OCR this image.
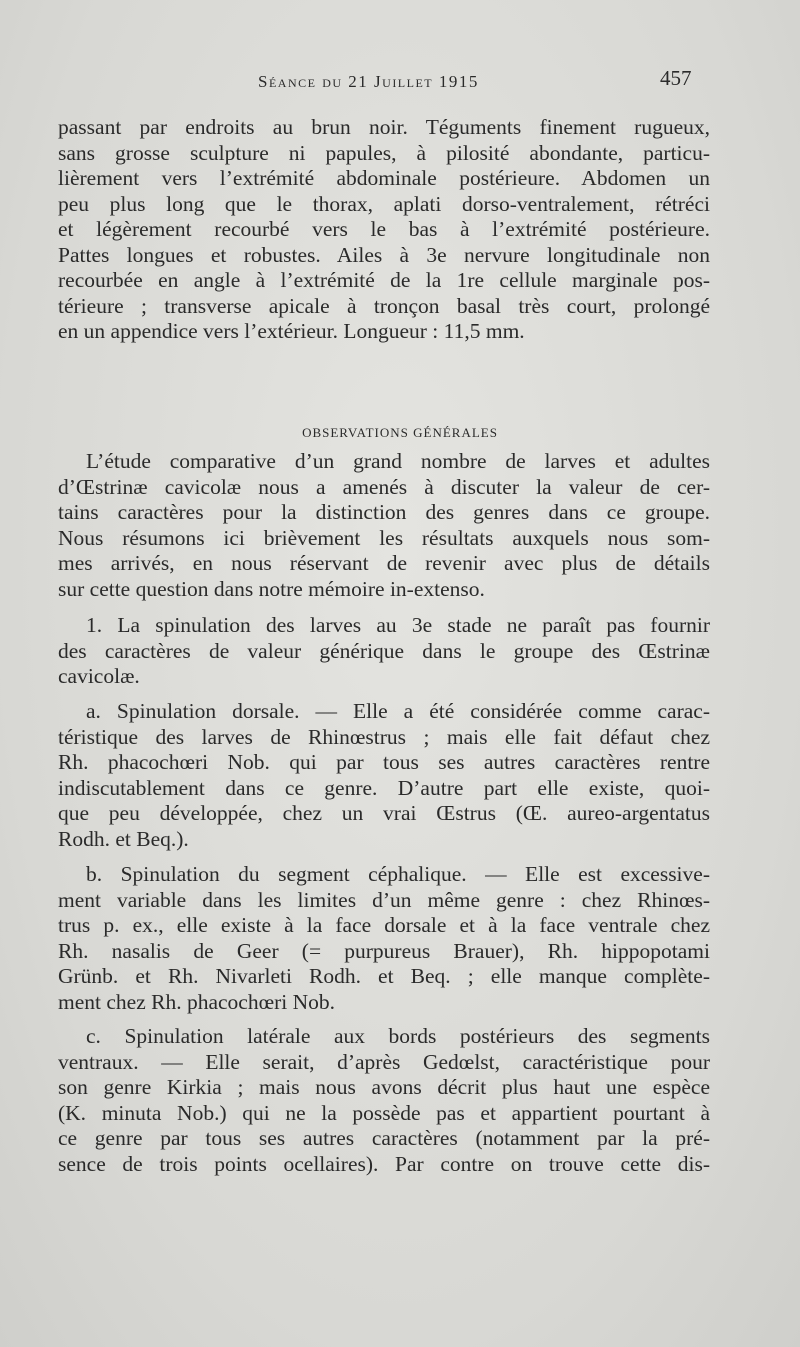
Séance du 21 Juillet 1915	457

passant par endroits au brun noir. Téguments finement rugueux,

sans grosse sculpture ni papules, à pilosité abondante, particu-

lièrement vers l’extrémité abdominale postérieure. Abdomen un

peu plus long que le thorax, aplati dorso-ventralement, rétréci

et légèrement recourbé vers le bas à l’extrémité postérieure.

Pattes longues et robustes. Ailes à 3e nervure longitudinale non

recourbée en angle à l’extrémité de la 1re cellule marginale pos-

térieure ; transverse apicale à tronçon basal très court, prolongé

en un appendice vers l’extérieur. Longueur : 11,5 mm.

OBSERVATIONS GÉNÉRALES

L’étude comparative d’un grand nombre de larves et adultes

d’Œstrinæ cavicolæ nous a amenés à discuter la valeur de cer-

tains caractères pour la distinction des genres dans ce groupe.

Nous résumons ici brièvement les résultats auxquels nous som-

mes arrivés, en nous réservant de revenir avec plus de détails

sur cette question dans notre mémoire in-extenso.

1. La spinulation des larves au 3e stade ne paraît pas fournir

des caractères de valeur générique dans le groupe des Œstrinæ

cavicolæ.

a. Spinulation dorsale. — Elle a été considérée comme carac-

téristique des larves de Rhinœstrus ; mais elle fait défaut chez

Rh. phacochœri Nob. qui par tous ses autres caractères rentre

indiscutablement dans ce genre. D’autre part elle existe, quoi-

que peu développée, chez un vrai Œstrus (Œ. aureo-argentatus

Rodh. et Beq.).

b. Spinulation du segment céphalique. — Elle est excessive-

ment variable dans les limites d’un même genre : chez Rhinœs-

trus p. ex., elle existe à la face dorsale et à la face ventrale chez

Rh. nasalis de Geer (= purpureus Brauer), Rh. hippopotami

Grünb. et Rh. Nivarleti Rodh. et Beq. ; elle manque complète-

ment chez Rh. phacochœri Nob.

c. Spinulation latérale aux bords postérieurs des segments

ventraux. — Elle serait, d’après Gedœlst, caractéristique pour

son genre Kirkia ; mais nous avons décrit plus haut une espèce

(K. minuta Nob.) qui ne la possède pas et appartient pourtant à

ce genre par tous ses autres caractères (notamment par la pré-

sence de trois points ocellaires). Par contre on trouve cette dis-
